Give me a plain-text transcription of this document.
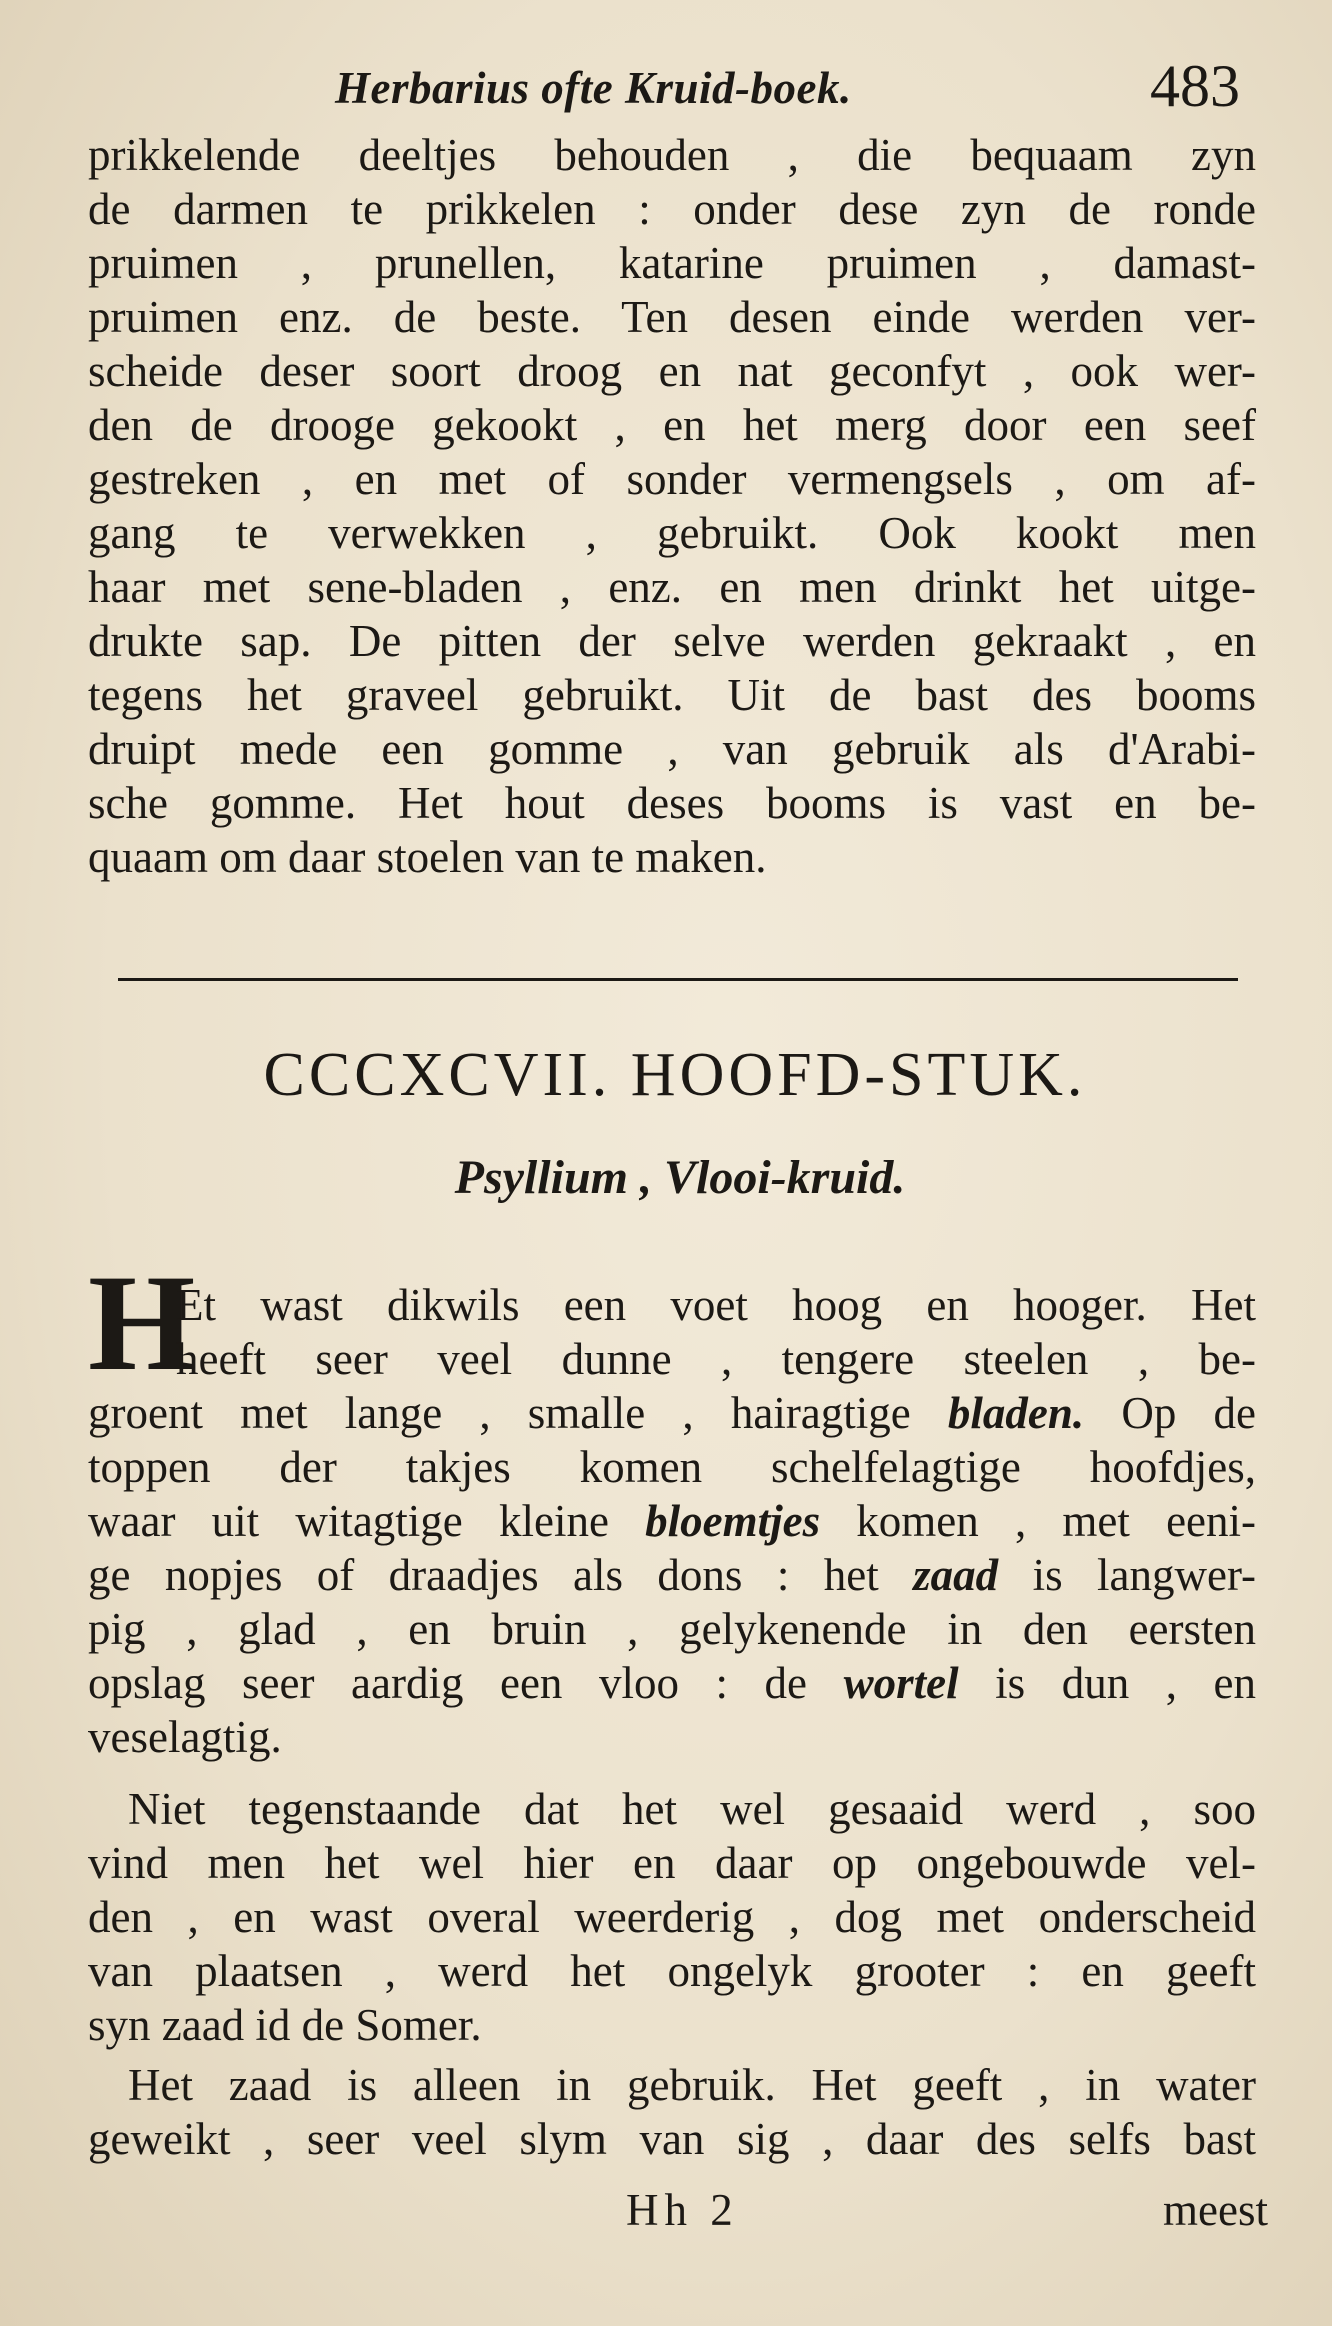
Herbarius ofte Kruid-boek.	483
prikkelende deeltjes behouden , die bequaam zyn
de darmen te prikkelen : onder dese zyn de ronde
pruimen , prunellen, katarine pruimen , damast-
pruimen enz. de beste. Ten desen einde werden ver-
scheide deser soort droog en nat geconfyt , ook wer-
den de drooge gekookt , en het merg door een seef
gestreken , en met of sonder vermengsels , om af-
gang te verwekken , gebruikt. Ook kookt men
haar met sene-bladen , enz. en men drinkt het uitge-
drukte sap. De pitten der selve werden gekraakt , en
tegens het graveel gebruikt. Uit de bast des booms
druipt mede een gomme , van gebruik als d'Arabi-
sche gomme. Het hout deses booms is vast en be-
quaam om daar stoelen van te maken.
CCCXCVII. HOOFD-STUK.
Psyllium , Vlooi-kruid.
H
Et wast dikwils een voet hoog en hooger. Het
heeft seer veel dunne , tengere steelen , be-
groent met lange , smalle , hairagtige bladen. Op de
toppen der takjes komen schelfelagtige hoofdjes,
waar uit witagtige kleine bloemtjes komen , met eeni-
ge nopjes of draadjes als dons : het zaad is langwer-
pig , glad , en bruin , gelykenende in den eersten
opslag seer aardig een vloo : de wortel is dun , en
veselagtig.
Niet tegenstaande dat het wel gesaaid werd , soo
vind men het wel hier en daar op ongebouwde vel-
den , en wast overal weerderig , dog met onderscheid
van plaatsen , werd het ongelyk grooter : en geeft
syn zaad id de Somer.
Het zaad is alleen in gebruik. Het geeft , in water
geweikt , seer veel slym van sig , daar des selfs bast
Hh 2	meest
